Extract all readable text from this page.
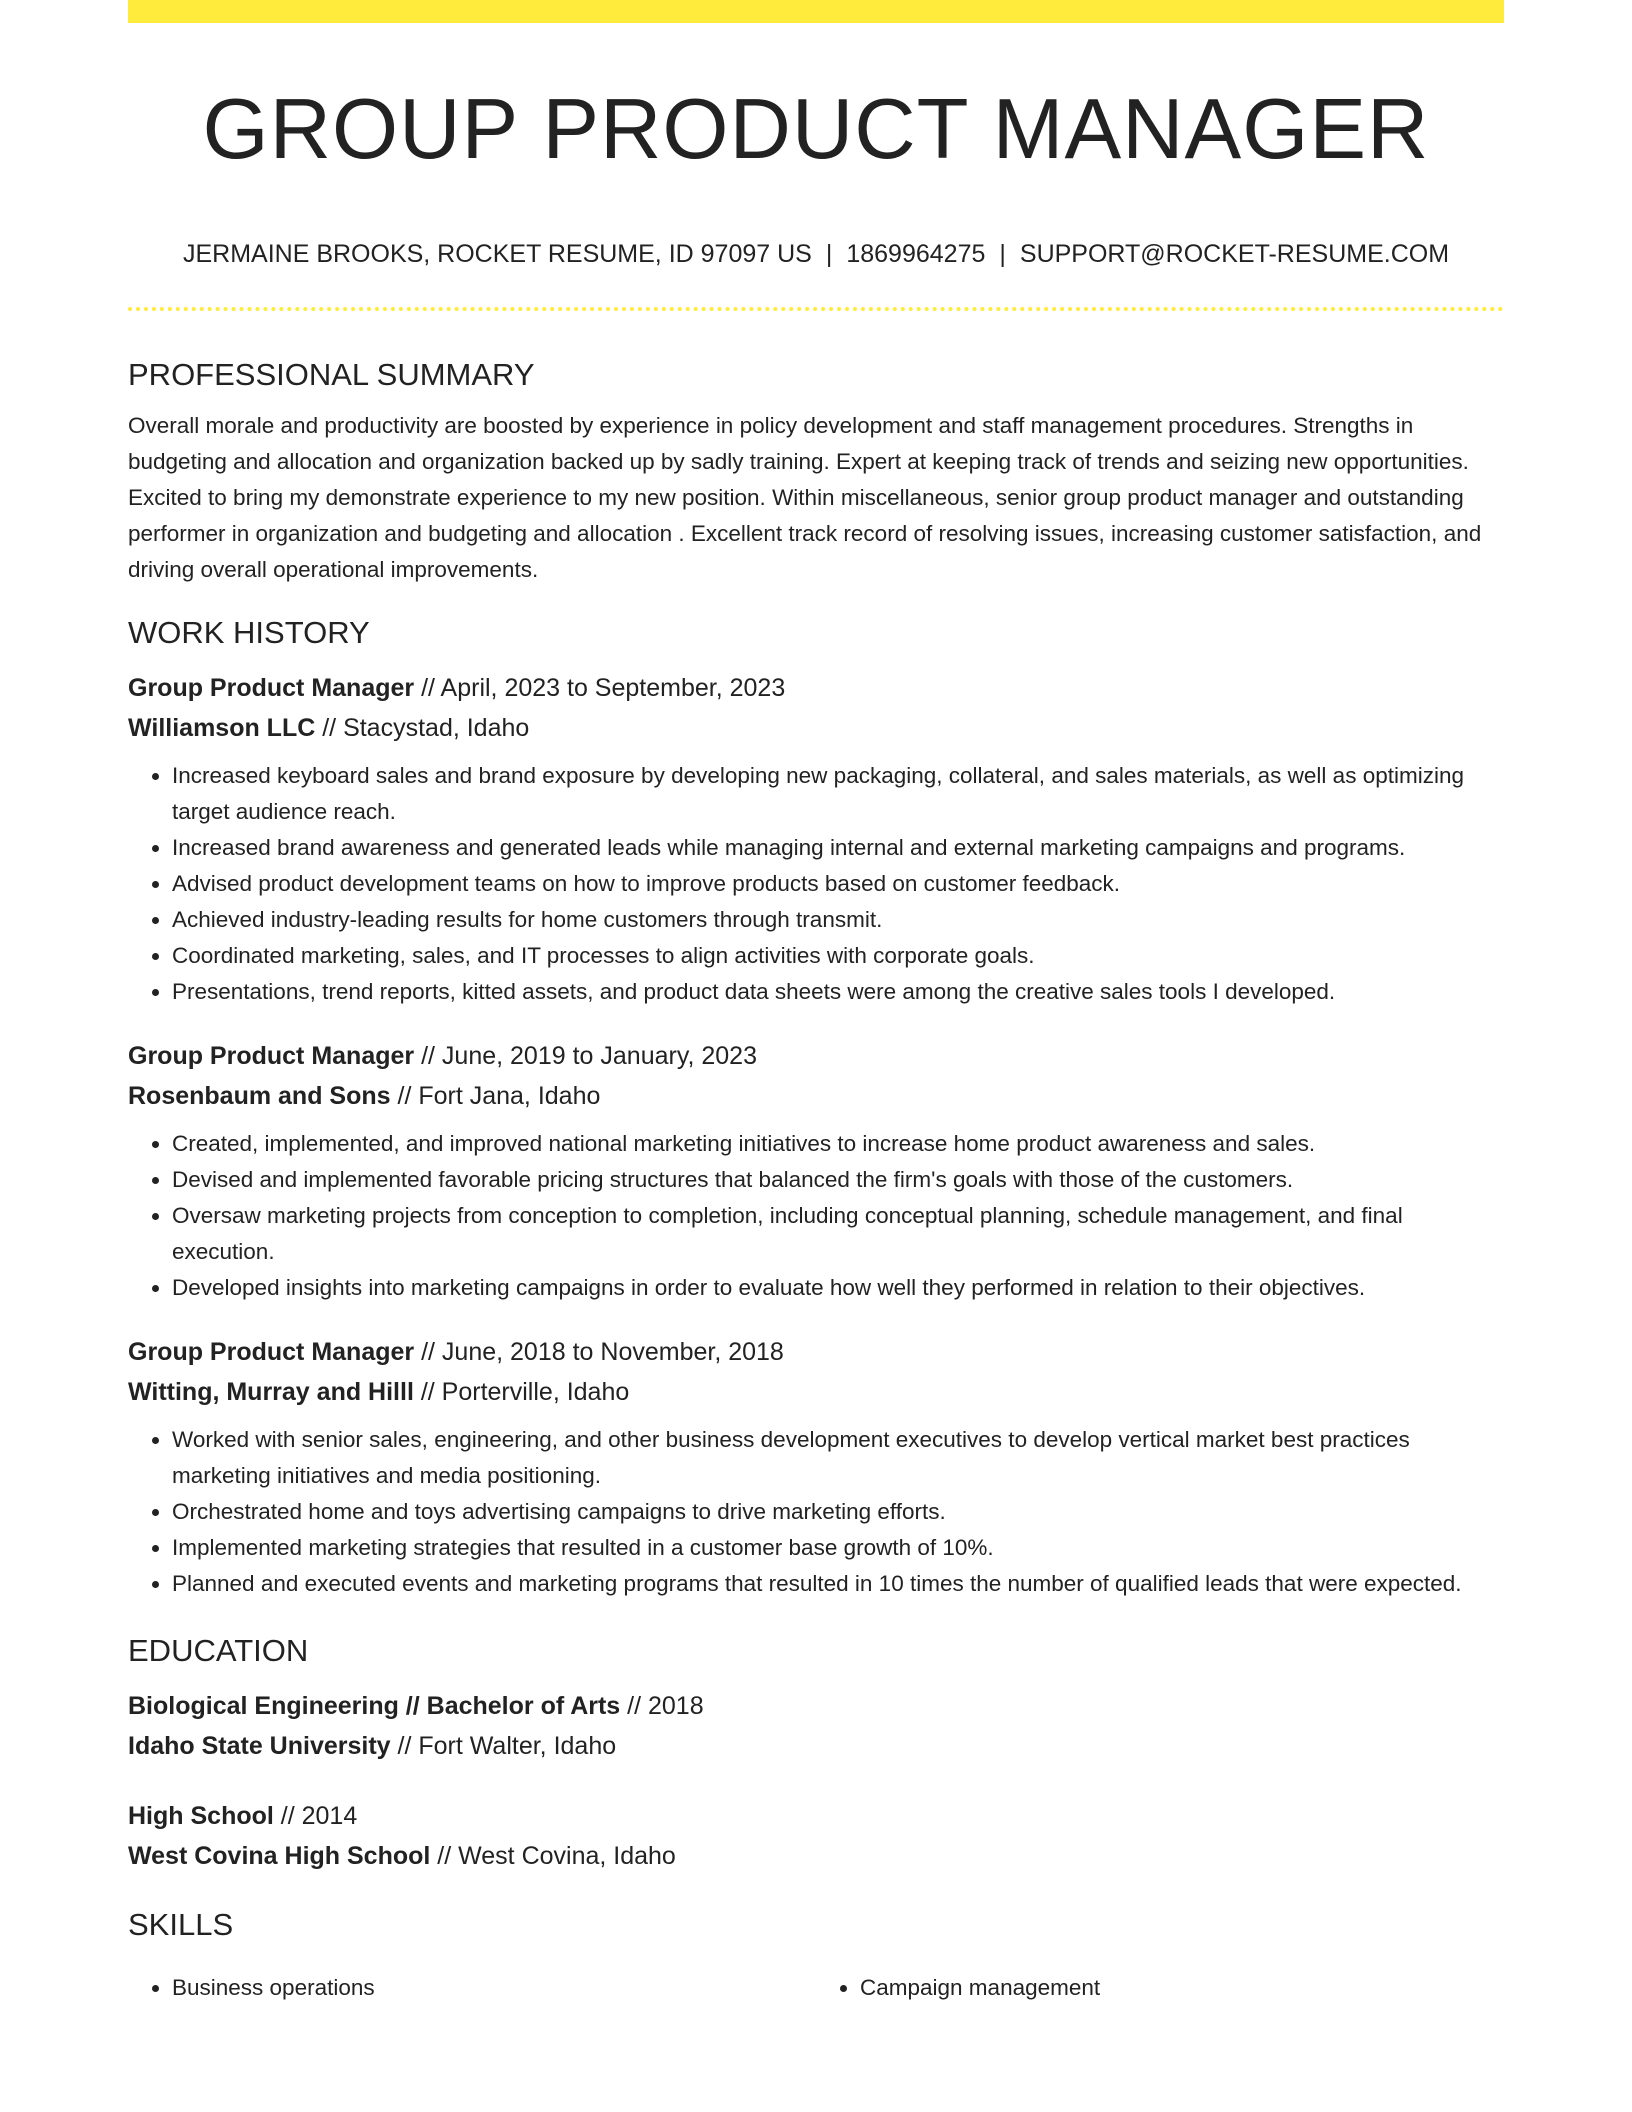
GROUP PRODUCT MANAGER
JERMAINE BROOKS, ROCKET RESUME, ID 97097 US | 1869964275 | SUPPORT@ROCKET-RESUME.COM
PROFESSIONAL SUMMARY
Overall morale and productivity are boosted by experience in policy development and staff management procedures. Strengths in budgeting and allocation and organization backed up by sadly training. Expert at keeping track of trends and seizing new opportunities. Excited to bring my demonstrate experience to my new position. Within miscellaneous, senior group product manager and outstanding performer in organization and budgeting and allocation . Excellent track record of resolving issues, increasing customer satisfaction, and driving overall operational improvements.
WORK HISTORY
Group Product Manager // April, 2023 to September, 2023
Williamson LLC // Stacystad, Idaho
• Increased keyboard sales and brand exposure by developing new packaging, collateral, and sales materials, as well as optimizing target audience reach.
• Increased brand awareness and generated leads while managing internal and external marketing campaigns and programs.
• Advised product development teams on how to improve products based on customer feedback.
• Achieved industry-leading results for home customers through transmit.
• Coordinated marketing, sales, and IT processes to align activities with corporate goals.
• Presentations, trend reports, kitted assets, and product data sheets were among the creative sales tools I developed.
Group Product Manager // June, 2019 to January, 2023
Rosenbaum and Sons // Fort Jana, Idaho
• Created, implemented, and improved national marketing initiatives to increase home product awareness and sales.
• Devised and implemented favorable pricing structures that balanced the firm's goals with those of the customers.
• Oversaw marketing projects from conception to completion, including conceptual planning, schedule management, and final execution.
• Developed insights into marketing campaigns in order to evaluate how well they performed in relation to their objectives.
Group Product Manager // June, 2018 to November, 2018
Witting, Murray and Hilll // Porterville, Idaho
• Worked with senior sales, engineering, and other business development executives to develop vertical market best practices marketing initiatives and media positioning.
• Orchestrated home and toys advertising campaigns to drive marketing efforts.
• Implemented marketing strategies that resulted in a customer base growth of 10%.
• Planned and executed events and marketing programs that resulted in 10 times the number of qualified leads that were expected.
EDUCATION
Biological Engineering // Bachelor of Arts // 2018
Idaho State University // Fort Walter, Idaho
High School // 2014
West Covina High School // West Covina, Idaho
SKILLS
• Business operations
•	Campaign management
